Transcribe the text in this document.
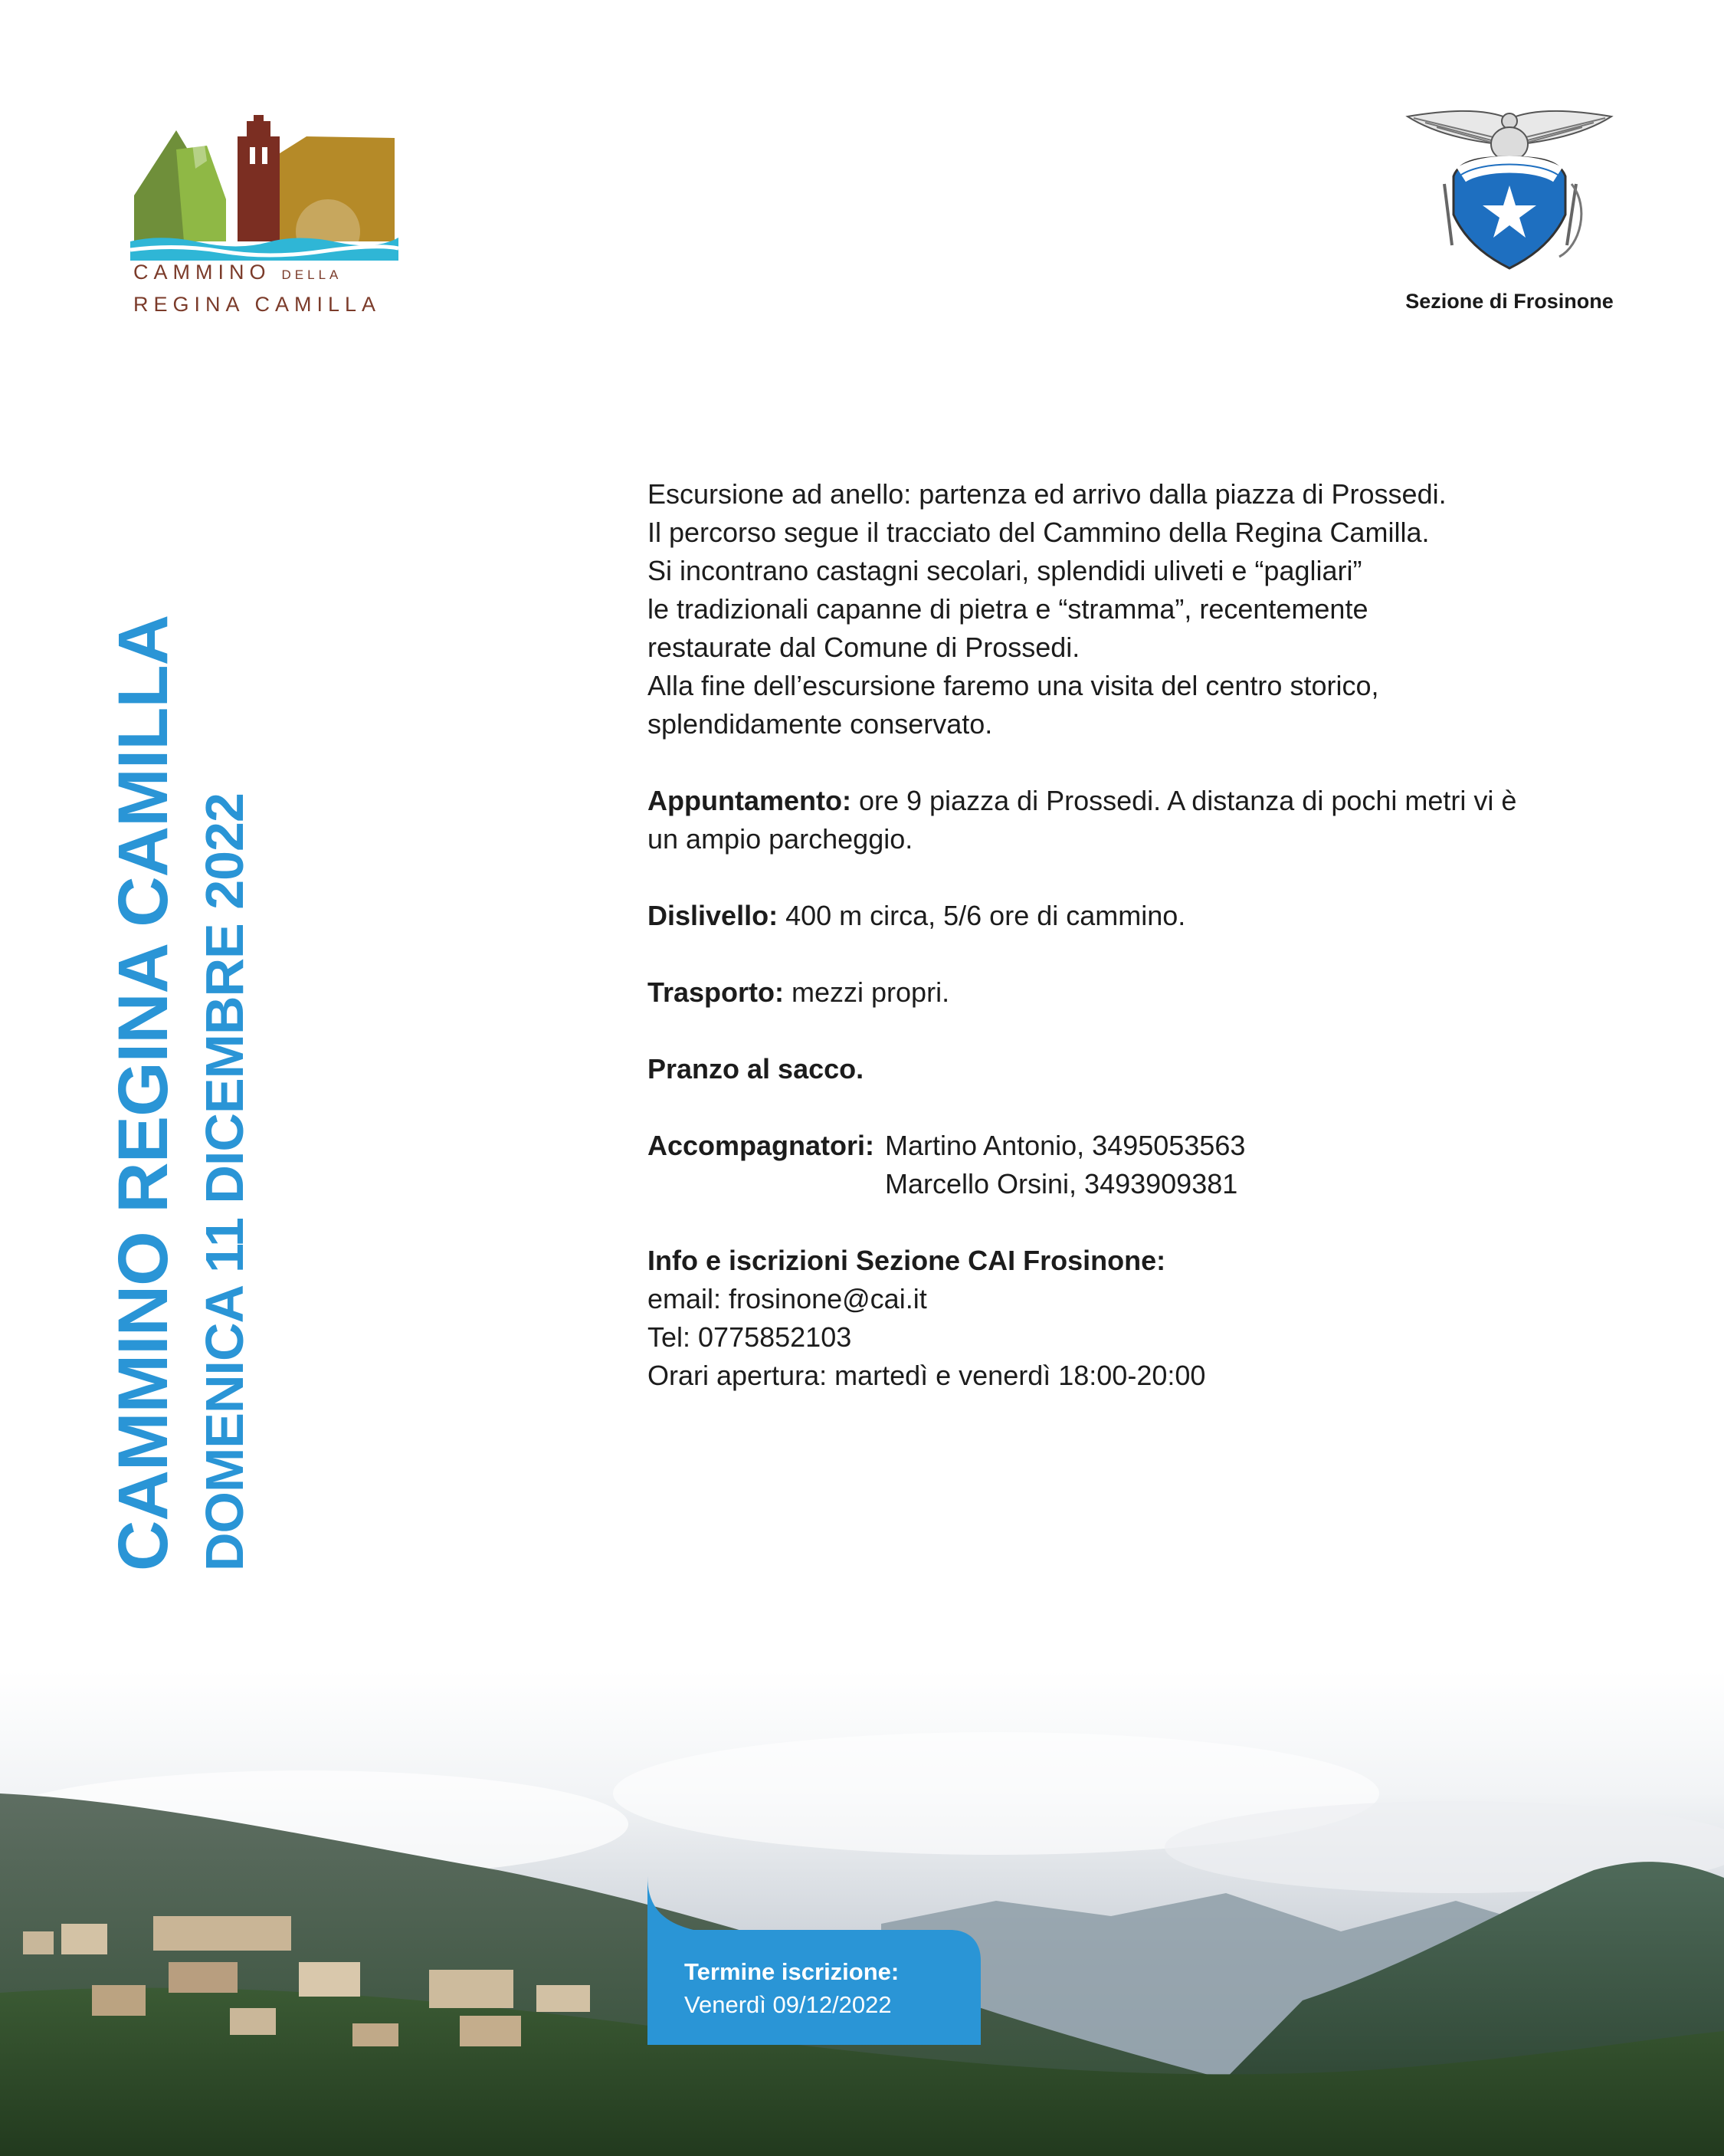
CAMMINO DELLA
REGINA CAMILLA	Sezione di Frosinone
CAMMINO REGINA CAMILLA DOMENICA 11 DICEMBRE 2022

Escursione ad anello: partenza ed arrivo dalla piazza di Prossedi.

Il percorso segue il tracciato del Cammino della Regina Camilla.

Si incontrano castagni secolari, splendidi uliveti e “pagliari”

le tradizionali capanne di pietra e “stramma”, recentemente

restaurate dal Comune di Prossedi.

Alla fine dell’escursione faremo una visita del centro storico,

splendidamente conservato.

Appuntamento: ore 9 piazza di Prossedi. A distanza di pochi metri vi è

un ampio parcheggio.

Dislivello: 400 m circa, 5/6 ore di cammino.

Trasporto: mezzi propri.

Pranzo al sacco.

Accompagnatori: Martino Antonio, 3495053563

Marcello Orsini, 3493909381

Info e iscrizioni Sezione CAI Frosinone:

email: frosinone@cai.it

Tel: 0775852103

Orari apertura: martedì e venerdì 18:00-20:00

Termine iscrizione:
Venerdì 09/12/2022
